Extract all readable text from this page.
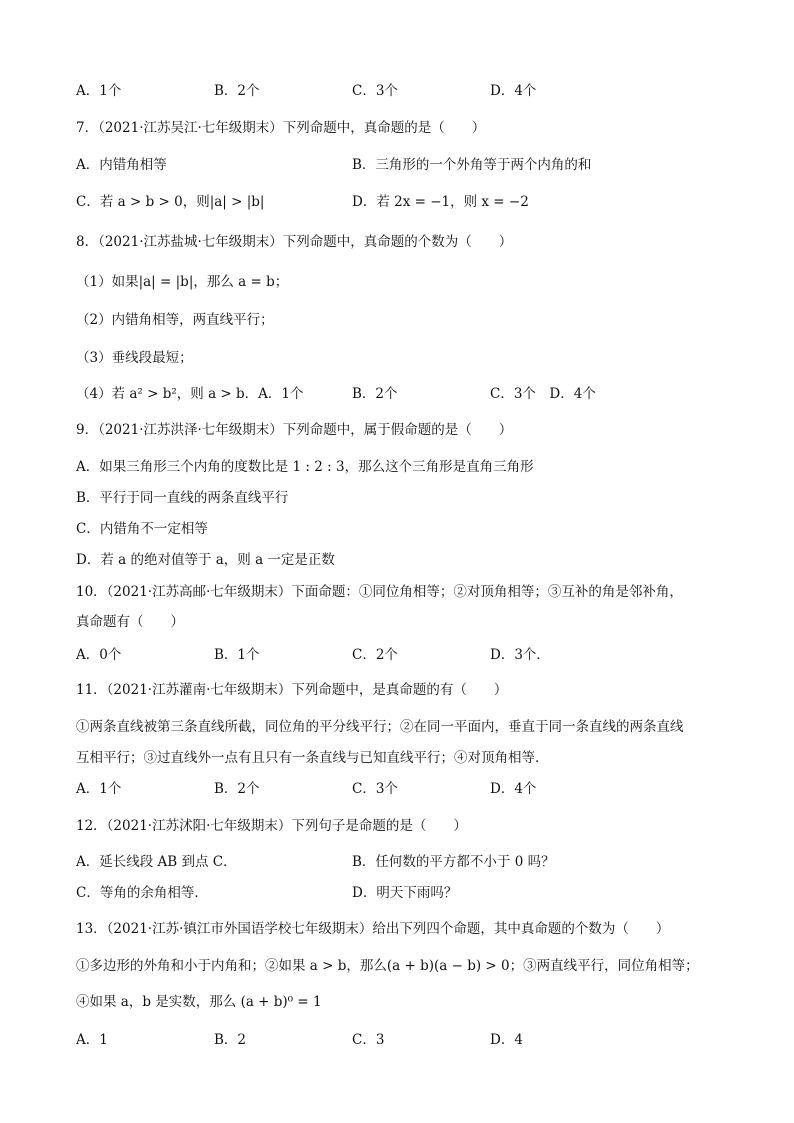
A．1个	B．2个	C．3个	D．4个
7．（2021·江苏吴江·七年级期末）下列命题中，真命题的是（　　）
A．内错角相等	B．三角形的一个外角等于两个内角的和
C．若 a > b > 0，则|a| > |b|	D．若 2x = −1，则 x = −2
8．（2021·江苏盐城·七年级期末）下列命题中，真命题的个数为（　　）
（1）如果|a| = |b|，那么 a = b；
（2）内错角相等，两直线平行；
（3）垂线段最短；
（4）若 a² > b²，则 a > b．A．1个	B．2个	C．3个　D．4个
9．（2021·江苏洪泽·七年级期末）下列命题中，属于假命题的是（　　）
A．如果三角形三个内角的度数比是 1 : 2 : 3，那么这个三角形是直角三角形
B．平行于同一直线的两条直线平行
C．内错角不一定相等
D．若 a 的绝对值等于 a，则 a 一定是正数
10．（2021·江苏高邮·七年级期末）下面命题：①同位角相等；②对顶角相等；③互补的角是邻补角，
真命题有（　　）
A．0个	B．1个	C．2个	D．3个．
11．（2021·江苏灌南·七年级期末）下列命题中，是真命题的有（　　）
①两条直线被第三条直线所截，同位角的平分线平行；②在同一平面内，垂直于同一条直线的两条直线
互相平行；③过直线外一点有且只有一条直线与已知直线平行；④对顶角相等．
A．1个	B．2个	C．3个	D．4个
12．（2021·江苏沭阳·七年级期末）下列句子是命题的是（　　）
A．延长线段 AB 到点 C．	B．任何数的平方都不小于 0 吗？
C．等角的余角相等．	D．明天下雨吗？
13．（2021·江苏·镇江市外国语学校七年级期末）给出下列四个命题，其中真命题的个数为（　　）
①多边形的外角和小于内角和；②如果 a > b，那么(a + b)(a − b) > 0；③两直线平行，同位角相等；
④如果 a，b 是实数，那么 (a + b)⁰ = 1
A．1	B．2	C．3	D．4
